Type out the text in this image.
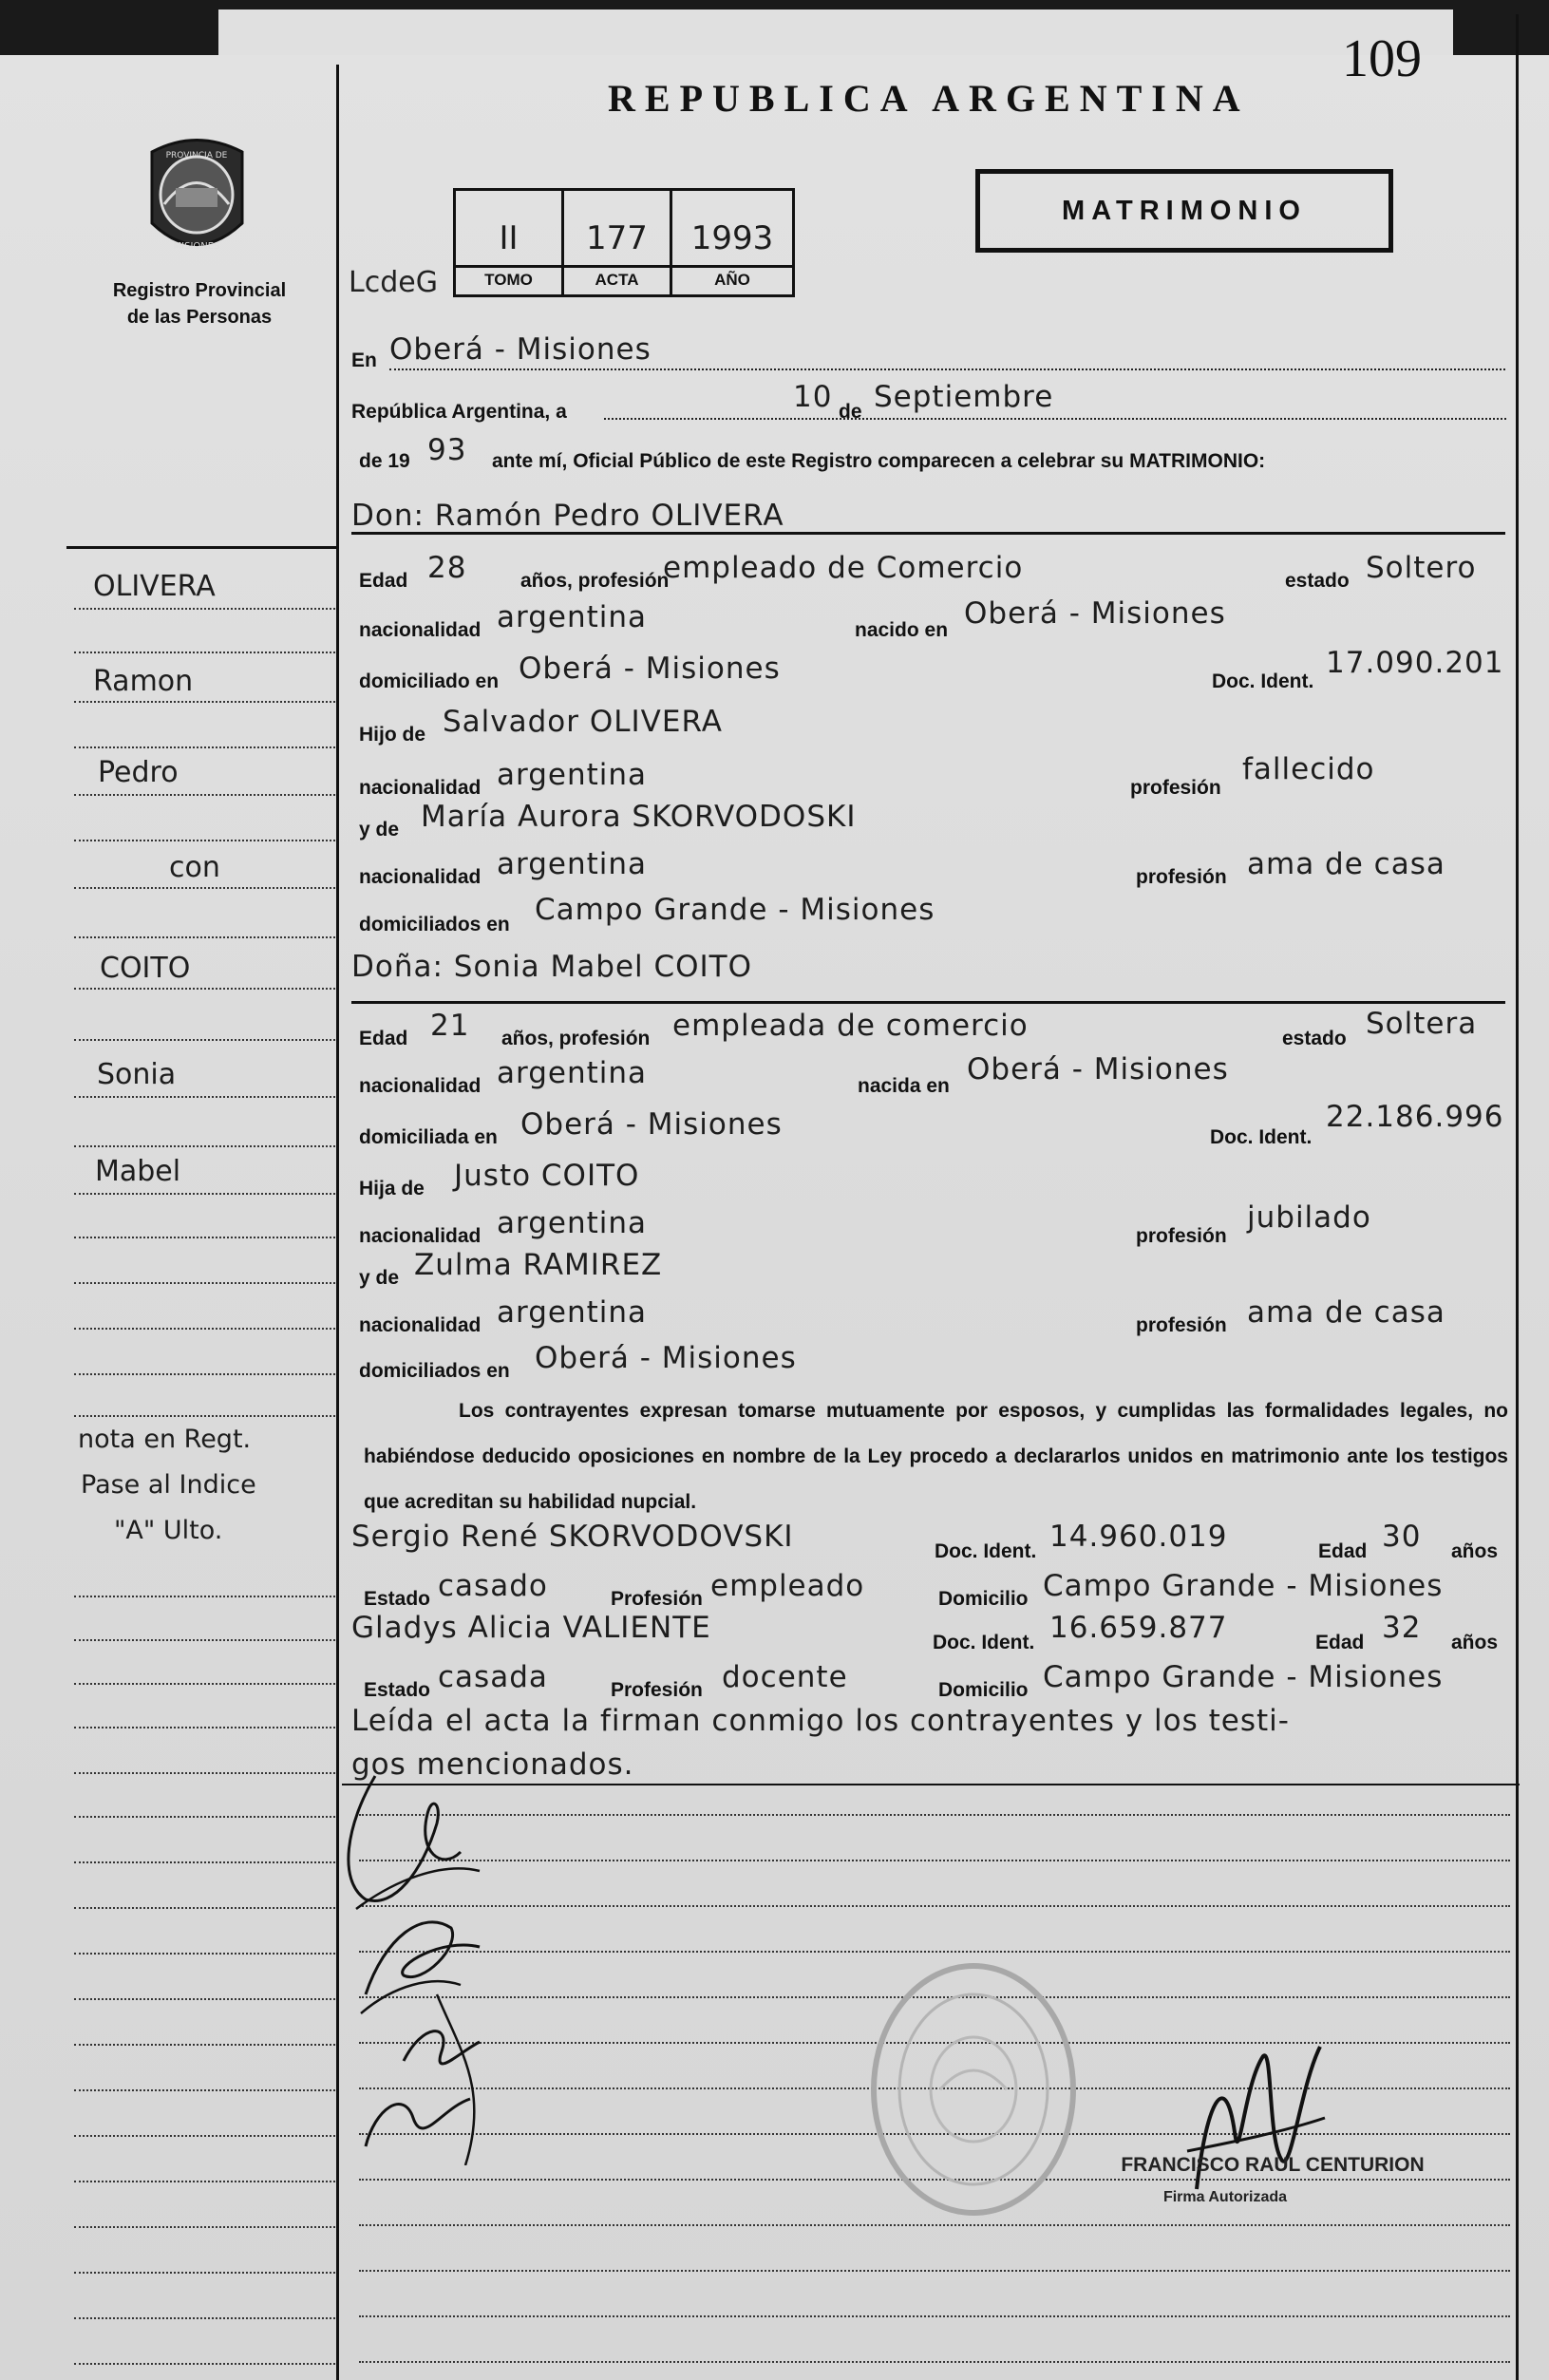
109
REPUBLICA ARGENTINA
MATRIMONIO
PROVINCIA DE
MISIONES
Registro Provincial
de las Personas
LcdeG
II
TOMO
177
ACTA
1993
AÑO
En Oberá - Misiones
República Argentina, a	10 de Septiembre
de 19 93 ante mí, Oficial Público de este Registro comparecen a celebrar su MATRIMONIO:
Don: Ramón Pedro OLIVERA
Edad 28	años, profesión
empleado de Comercio	estado Soltero
nacionalidad argentina	nacido en Oberá - Misiones
domiciliado en Oberá - Misiones	Doc. Ident.
17.090.201
Hijo de Salvador OLIVERA
nacionalidad argentina	profesión
fallecido
y de María Aurora SKORVODOSKI
nacionalidad argentina	profesión ama de casa
domiciliados en Campo Grande - Misiones
Doña: Sonia Mabel COITO
Edad 21 años, profesión empleada de comercio	estado Soltera
nacionalidad argentina	nacida en Oberá - Misiones
domiciliada en Oberá - Misiones	Doc. Ident.
22.186.996
Hija de Justo COITO
nacionalidad argentina	profesión
jubilado
y de Zulma RAMIREZ
nacionalidad argentina	profesión ama de casa
domiciliados en Oberá - Misiones
Los contrayentes expresan tomarse mutuamente por esposos, y cumplidas las formalidades legales, no habiéndose deducido oposiciones en nombre de la Ley procedo a declararlos unidos en matrimonio ante los testigos que acreditan su habilidad nupcial.
Sergio René SKORVODOVSKI	Doc. Ident. 14.960.019	Edad 30 años
Estado casado	Profesión empleado	Domicilio Campo Grande - Misiones
Gladys Alicia VALIENTE	Doc. Ident. 16.659.877	Edad 32 años
Estado casada	Profesión docente	Domicilio Campo Grande - Misiones
Leída el acta la firman conmigo los contrayentes y los testi-
gos mencionados.
OLIVERA
Ramon
Pedro
con
COITO
Sonia
Mabel
nota en Regt.
Pase al Indice
"A" Ulto.
FRANCISCO RAUL CENTURION
Firma Autorizada
